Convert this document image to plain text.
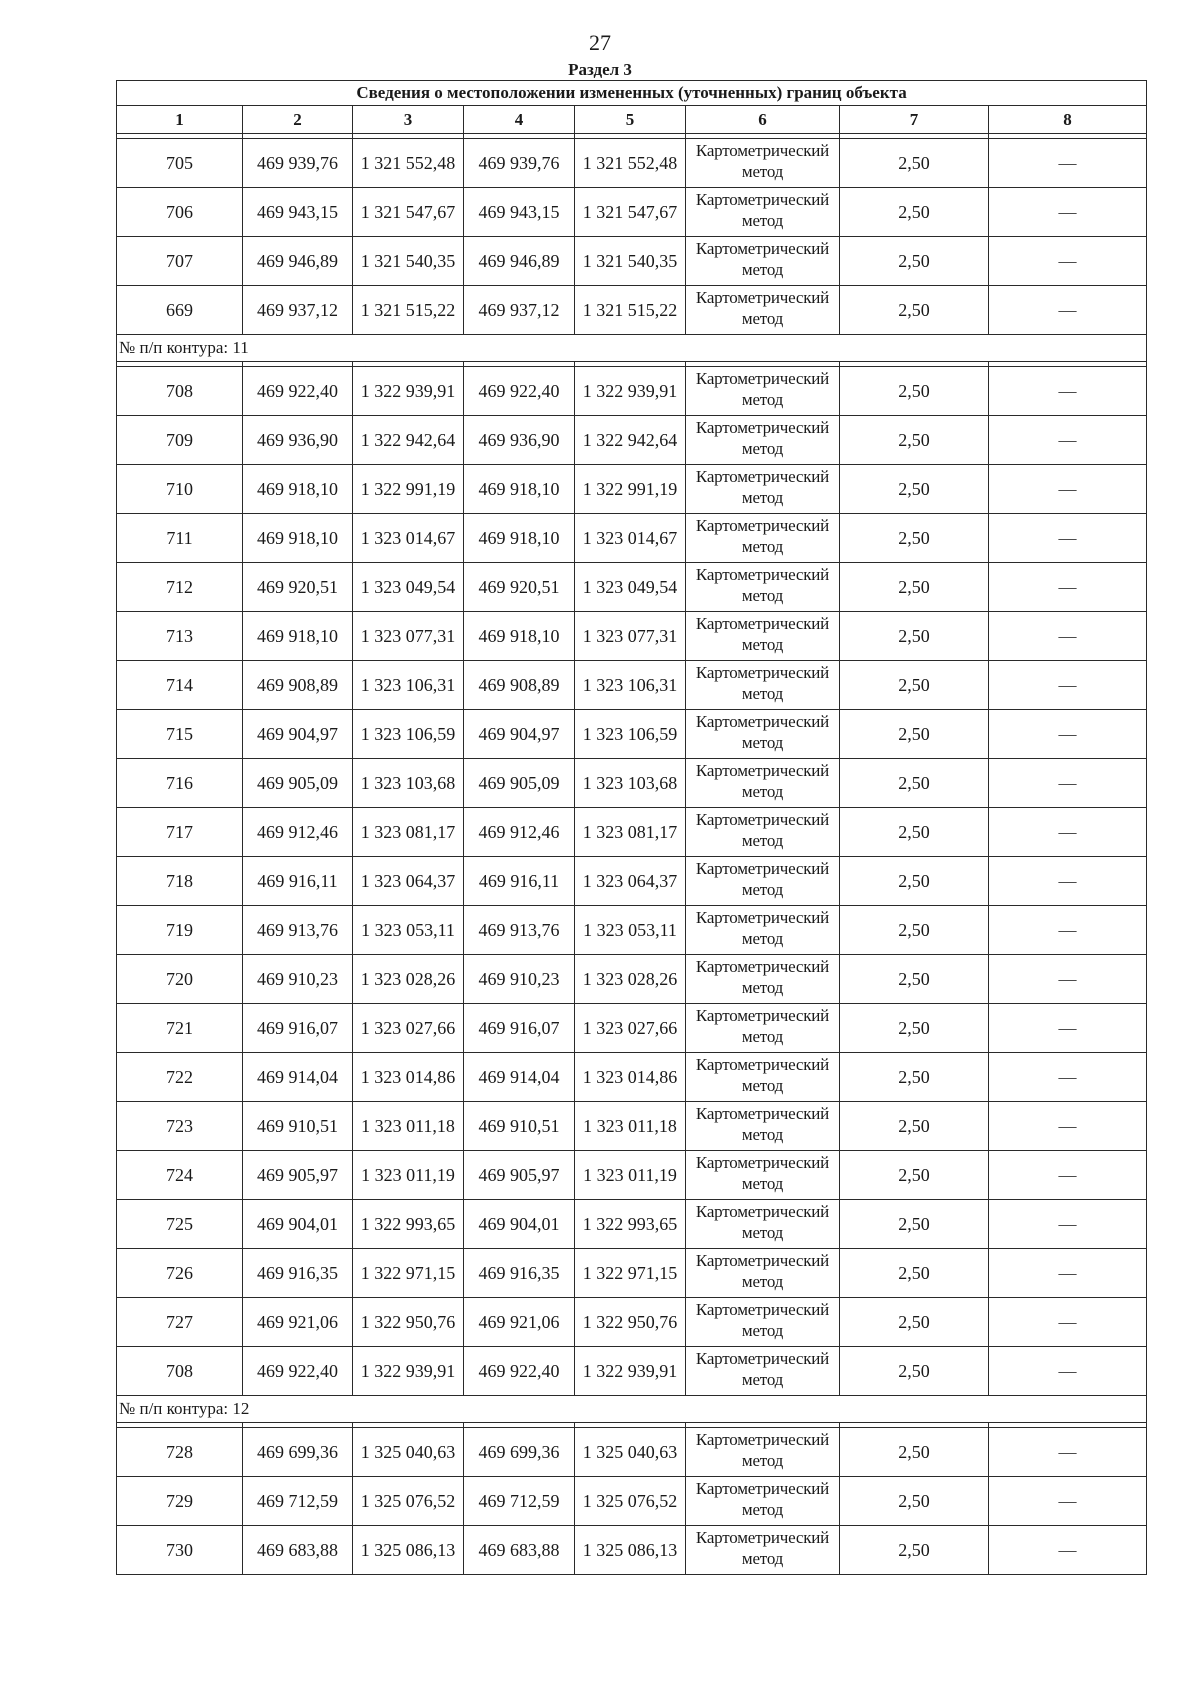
27
Раздел 3
Сведения о местоположении измененных (уточненных) границ объекта							
1	2	3	4	5	6	7	8

705	469 939,76	1 321 552,48	469 939,76	1 321 552,48	Картометрический метод	2,50	—
706	469 943,15	1 321 547,67	469 943,15	1 321 547,67	Картометрический метод	2,50	—
707	469 946,89	1 321 540,35	469 946,89	1 321 540,35	Картометрический метод	2,50	—
669	469 937,12	1 321 515,22	469 937,12	1 321 515,22	Картометрический метод	2,50	—
№ п/п контура: 11							

708	469 922,40	1 322 939,91	469 922,40	1 322 939,91	Картометрический метод	2,50	—
709	469 936,90	1 322 942,64	469 936,90	1 322 942,64	Картометрический метод	2,50	—
710	469 918,10	1 322 991,19	469 918,10	1 322 991,19	Картометрический метод	2,50	—
711	469 918,10	1 323 014,67	469 918,10	1 323 014,67	Картометрический метод	2,50	—
712	469 920,51	1 323 049,54	469 920,51	1 323 049,54	Картометрический метод	2,50	—
713	469 918,10	1 323 077,31	469 918,10	1 323 077,31	Картометрический метод	2,50	—
714	469 908,89	1 323 106,31	469 908,89	1 323 106,31	Картометрический метод	2,50	—
715	469 904,97	1 323 106,59	469 904,97	1 323 106,59	Картометрический метод	2,50	—
716	469 905,09	1 323 103,68	469 905,09	1 323 103,68	Картометрический метод	2,50	—
717	469 912,46	1 323 081,17	469 912,46	1 323 081,17	Картометрический метод	2,50	—
718	469 916,11	1 323 064,37	469 916,11	1 323 064,37	Картометрический метод	2,50	—
719	469 913,76	1 323 053,11	469 913,76	1 323 053,11	Картометрический метод	2,50	—
720	469 910,23	1 323 028,26	469 910,23	1 323 028,26	Картометрический метод	2,50	—
721	469 916,07	1 323 027,66	469 916,07	1 323 027,66	Картометрический метод	2,50	—
722	469 914,04	1 323 014,86	469 914,04	1 323 014,86	Картометрический метод	2,50	—
723	469 910,51	1 323 011,18	469 910,51	1 323 011,18	Картометрический метод	2,50	—
724	469 905,97	1 323 011,19	469 905,97	1 323 011,19	Картометрический метод	2,50	—
725	469 904,01	1 322 993,65	469 904,01	1 322 993,65	Картометрический метод	2,50	—
726	469 916,35	1 322 971,15	469 916,35	1 322 971,15	Картометрический метод	2,50	—
727	469 921,06	1 322 950,76	469 921,06	1 322 950,76	Картометрический метод	2,50	—
708	469 922,40	1 322 939,91	469 922,40	1 322 939,91	Картометрический метод	2,50	—
№ п/п контура: 12							

728	469 699,36	1 325 040,63	469 699,36	1 325 040,63	Картометрический метод	2,50	—
729	469 712,59	1 325 076,52	469 712,59	1 325 076,52	Картометрический метод	2,50	—
730	469 683,88	1 325 086,13	469 683,88	1 325 086,13	Картометрический метод	2,50	—
